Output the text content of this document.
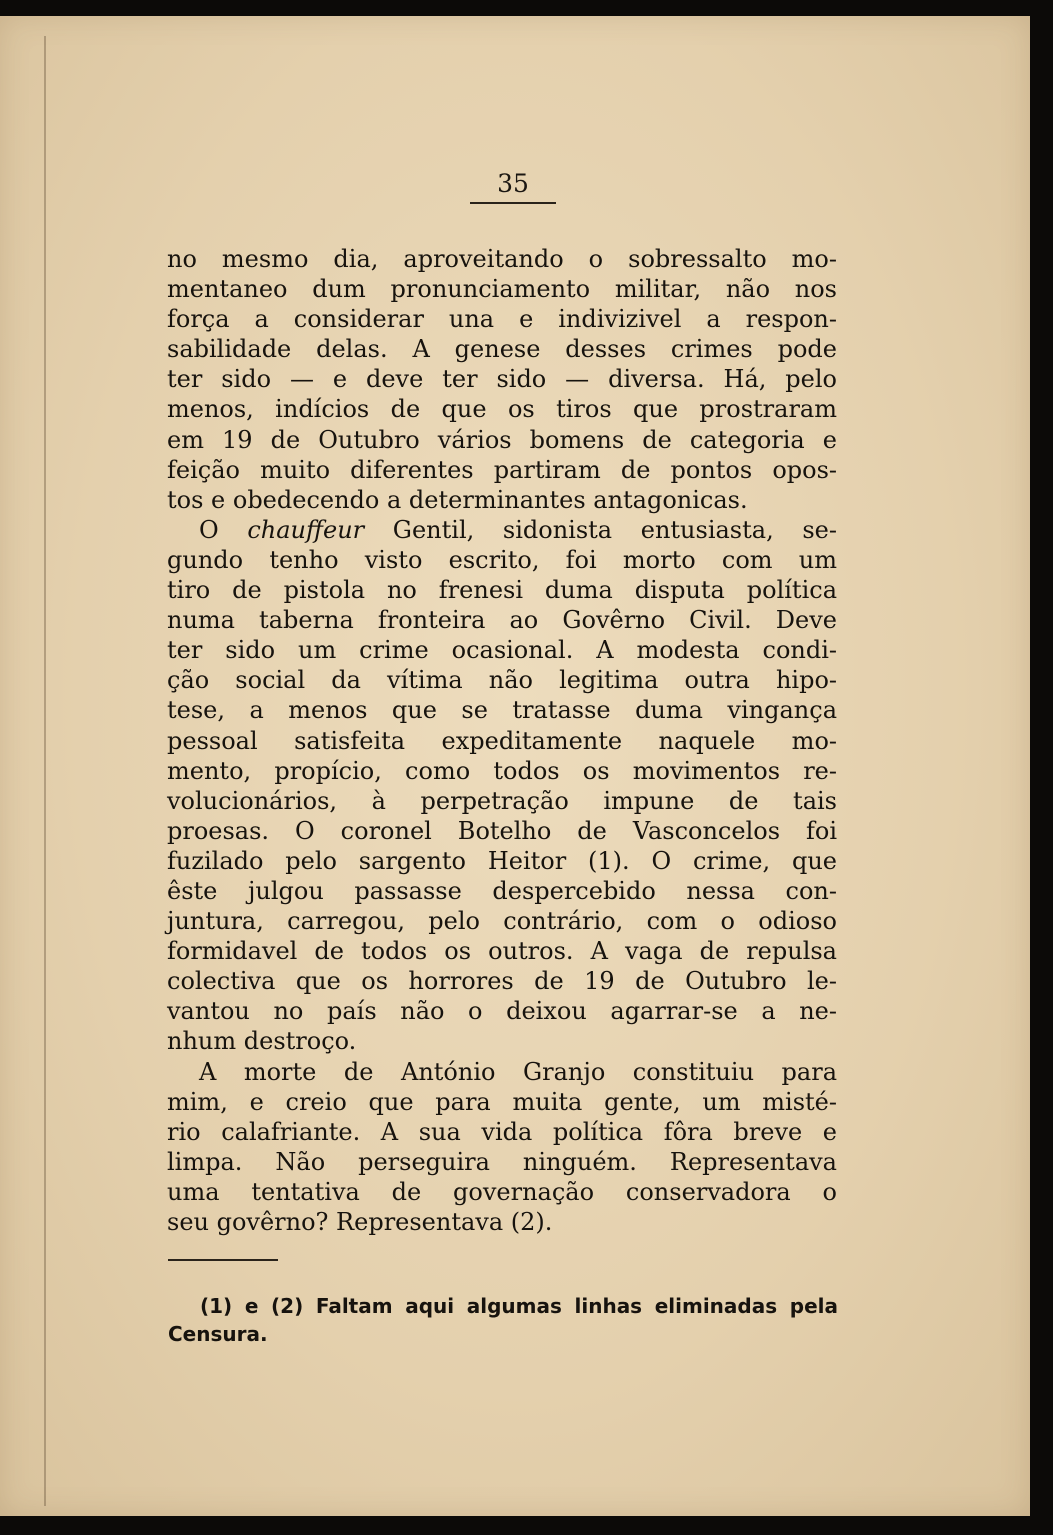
35
no mesmo dia, aproveitando o sobressalto mo-
mentaneo dum pronunciamento militar, não nos
força a considerar una e indivizivel a respon-
sabilidade delas. A genese desses crimes pode
ter sido — e deve ter sido — diversa. Há, pelo
menos, indícios de que os tiros que prostraram
em 19 de Outubro vários bomens de categoria e
feição muito diferentes partiram de pontos opos-
tos e obedecendo a determinantes antagonicas.
O chauffeur Gentil, sidonista entusiasta, se-
gundo tenho visto escrito, foi morto com um
tiro de pistola no frenesi duma disputa política
numa taberna fronteira ao Govêrno Civil. Deve
ter sido um crime ocasional. A modesta condi-
ção social da vítima não legitima outra hipo-
tese, a menos que se tratasse duma vingança
pessoal satisfeita expeditamente naquele mo-
mento, propício, como todos os movimentos re-
volucionários, à perpetração impune de tais
proesas. O coronel Botelho de Vasconcelos foi
fuzilado pelo sargento Heitor (1). O crime, que
êste julgou passasse despercebido nessa con-
juntura, carregou, pelo contrário, com o odioso
formidavel de todos os outros. A vaga de repulsa
colectiva que os horrores de 19 de Outubro le-
vantou no país não o deixou agarrar-se a ne-
nhum destroço.
A morte de António Granjo constituiu para
mim, e creio que para muita gente, um misté-
rio calafriante. A sua vida política fôra breve e
limpa. Não perseguira ninguém. Representava
uma tentativa de governação conservadora o
seu govêrno? Representava (2).
(1) e (2) Faltam aqui algumas linhas eliminadas pela
Censura.
